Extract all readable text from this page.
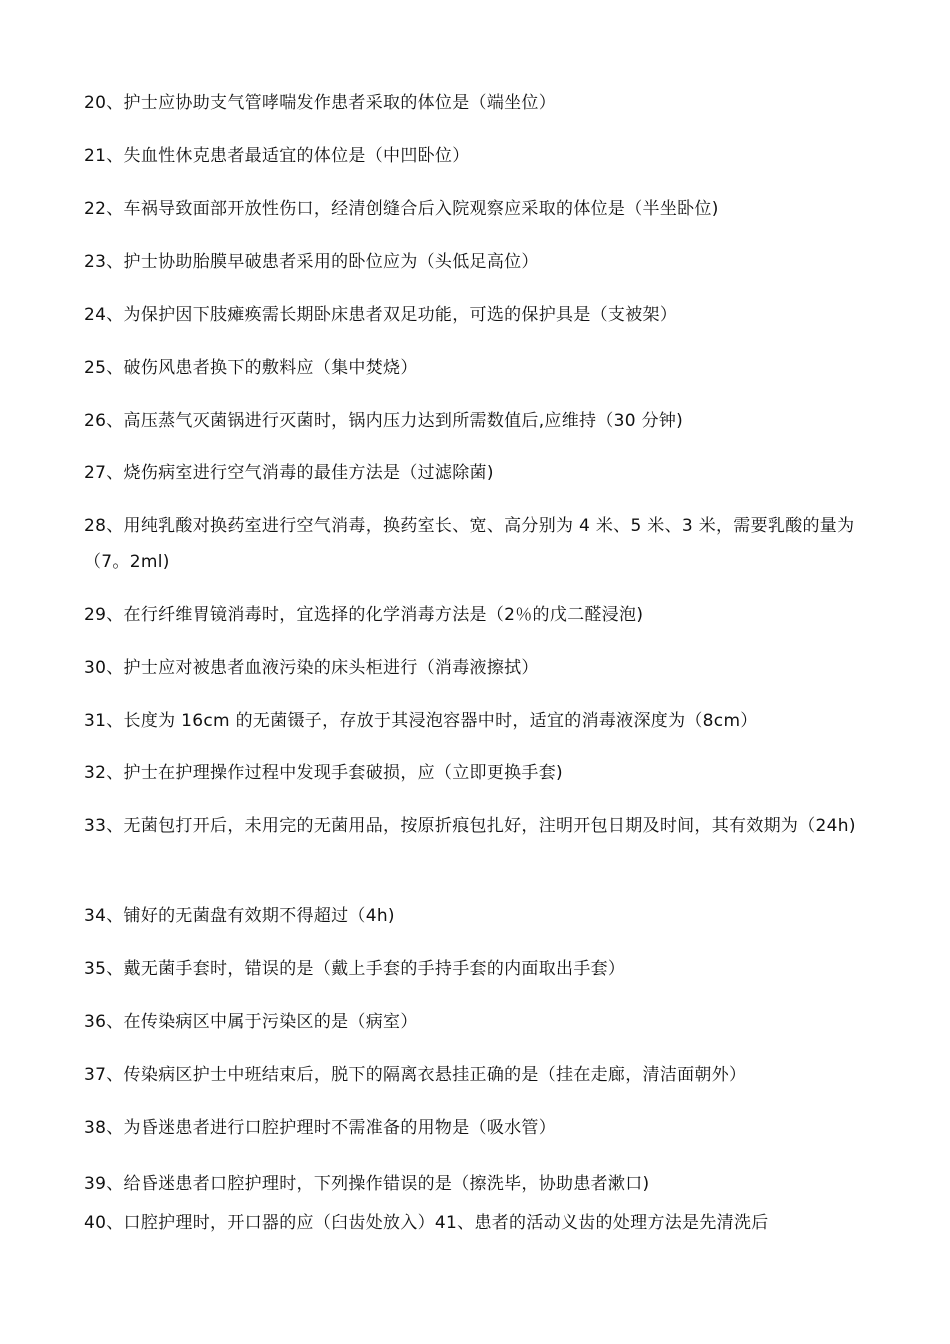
20、护士应协助支气管哮喘发作患者采取的体位是（端坐位）
21、失血性休克患者最适宜的体位是（中凹卧位）
22、车祸导致面部开放性伤口，经清创缝合后入院观察应采取的体位是（半坐卧位)
23、护士协助胎膜早破患者采用的卧位应为（头低足高位）
24、为保护因下肢瘫痪需长期卧床患者双足功能，可选的保护具是（支被架）
25、破伤风患者换下的敷料应（集中焚烧）
26、高压蒸气灭菌锅进行灭菌时，锅内压力达到所需数值后,应维持（30 分钟)
27、烧伤病室进行空气消毒的最佳方法是（过滤除菌)
28、用纯乳酸对换药室进行空气消毒，换药室长、宽、高分别为 4 米、5 米、3 米，需要乳酸的量为（7。2ml)
29、在行纤维胃镜消毒时，宜选择的化学消毒方法是（2％的戊二醛浸泡)
30、护士应对被患者血液污染的床头柜进行（消毒液擦拭）
31、长度为 16cm 的无菌镊子，存放于其浸泡容器中时，适宜的消毒液深度为（8cm）
32、护士在护理操作过程中发现手套破损，应（立即更换手套)
33、无菌包打开后，未用完的无菌用品，按原折痕包扎好，注明开包日期及时间，其有效期为（24h)
34、铺好的无菌盘有效期不得超过（4h)
35、戴无菌手套时，错误的是（戴上手套的手持手套的内面取出手套）
36、在传染病区中属于污染区的是（病室）
37、传染病区护士中班结束后，脱下的隔离衣悬挂正确的是（挂在走廊，清洁面朝外）
38、为昏迷患者进行口腔护理时不需准备的用物是（吸水管）
39、给昏迷患者口腔护理时，下列操作错误的是（擦洗毕，协助患者漱口)
40、口腔护理时，开口器的应（臼齿处放入）41、患者的活动义齿的处理方法是先清洗后
